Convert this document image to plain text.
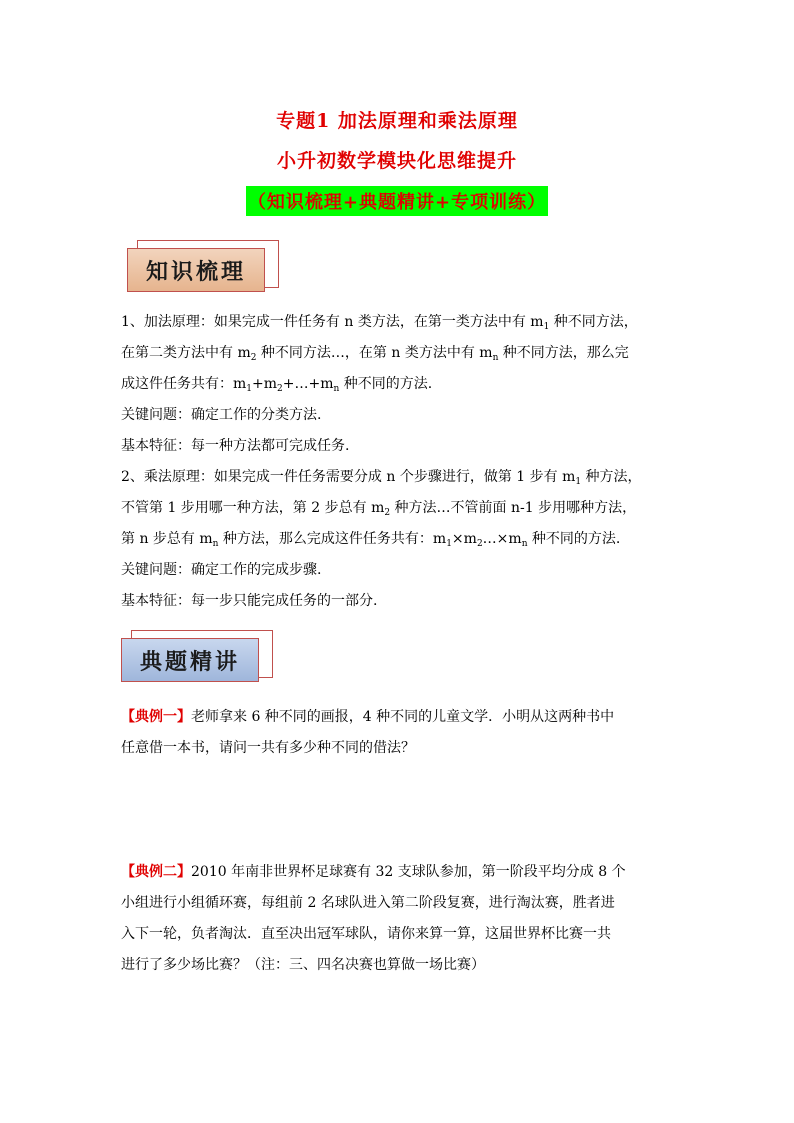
专题1 加法原理和乘法原理
小升初数学模块化思维提升
（知识梳理+典题精讲+专项训练）
知识梳理
1、加法原理：如果完成一件任务有 n 类方法，在第一类方法中有 $m_1$ 种不同方法，
在第二类方法中有 $m_2$ 种不同方法…，在第 n 类方法中有 $m_n$ 种不同方法，那么完
成这件任务共有：$m_1+m_2+\dots+m_n$ 种不同的方法.
关键问题：确定工作的分类方法.
基本特征：每一种方法都可完成任务.
2、乘法原理：如果完成一件任务需要分成 n 个步骤进行，做第 1 步有 $m_1$ 种方法，
不管第 1 步用哪一种方法，第 2 步总有 $m_2$ 种方法…不管前面 n-1 步用哪种方法，
第 n 步总有 $m_n$ 种方法，那么完成这件任务共有：$m_1\times m_2\dots\times m_n$ 种不同的方法.
关键问题：确定工作的完成步骤.
基本特征：每一步只能完成任务的一部分.
典题精讲
【典例一】老师拿来 6 种不同的画报，4 种不同的儿童文学．小明从这两种书中
任意借一本书，请问一共有多少种不同的借法？
【典例二】2010 年南非世界杯足球赛有 32 支球队参加，第一阶段平均分成 8 个
小组进行小组循环赛，每组前 2 名球队进入第二阶段复赛，进行淘汰赛，胜者进
入下一轮，负者淘汰．直至决出冠军球队，请你来算一算，这届世界杯比赛一共
进行了多少场比赛？（注：三、四名决赛也算做一场比赛）
